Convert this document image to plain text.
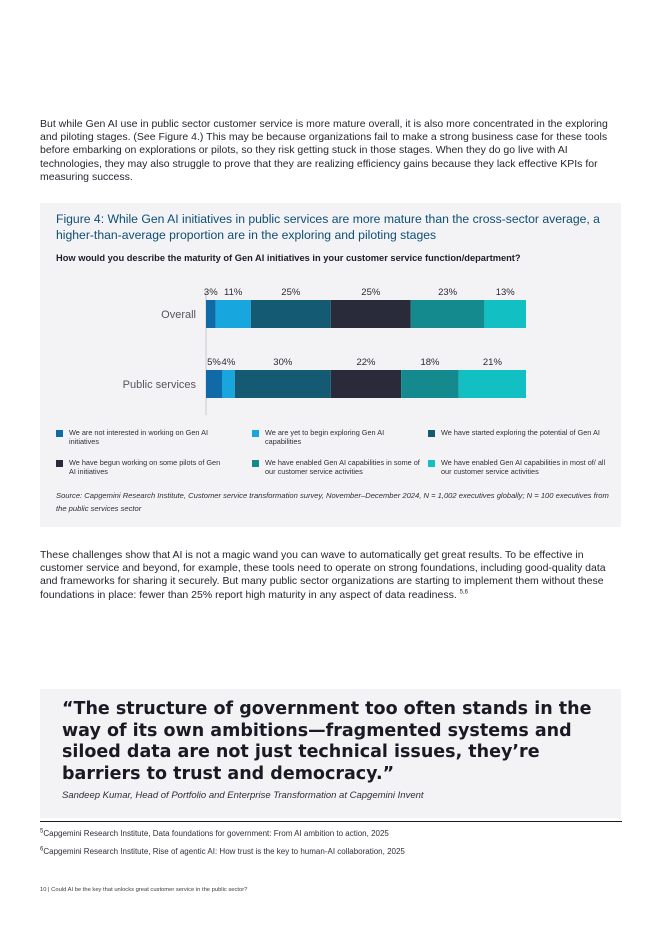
But while Gen AI use in public sector customer service is more mature overall, it is also more concentrated in the exploring and piloting stages. (See Figure 4.) This may be because organizations fail to make a strong business case for these tools before embarking on explorations or pilots, so they risk getting stuck in those stages. When they do go live with AI technologies, they may also struggle to prove that they are realizing efficiency gains because they lack effective KPIs for measuring success.

Figure 4: While Gen AI initiatives in public services are more mature than the cross-sector average, a higher-than-average proportion are in the exploring and piloting stages

How would you describe the maturity of Gen AI initiatives in your customer service function/department?

Overall
3% 11%	25%	25%	23%	13%
Public services
5% 4%	30%	22%	18%	21%
We are not interested in working on Gen AI initiatives
We are yet to begin exploring Gen AI capabilities
We have started exploring the potential of Gen AI
We have begun working on some pilots of Gen AI initiatives
We have enabled Gen AI capabilities in some of our customer service activities
We have enabled Gen AI capabilities in most of/ all our customer service activities

Source: Capgemini Research Institute, Customer service transformation survey, November–December 2024, N = 1,002 executives globally; N = 100 executives from the public services sector

These challenges show that AI is not a magic wand you can wave to automatically get great results. To be effective in customer service and beyond, for example, these tools need to operate on strong foundations, including good-quality data and frameworks for sharing it securely. But many public sector organizations are starting to implement them without these foundations in place: fewer than 25% report high maturity in any aspect of data readiness. $^{5,6}$

“The structure of government too often stands in the way of its own ambitions—fragmented systems and siloed data are not just technical issues, they’re barriers to trust and democracy.”

Sandeep Kumar, Head of Portfolio and Enterprise Transformation at Capgemini Invent

$^5$Capgemini Research Institute, Data foundations for government: From AI ambition to action, 2025

$^6$Capgemini Research Institute, Rise of agentic AI: How trust is the key to human-AI collaboration, 2025

10 | Could AI be the key that unlocks great customer service in the public sector?
